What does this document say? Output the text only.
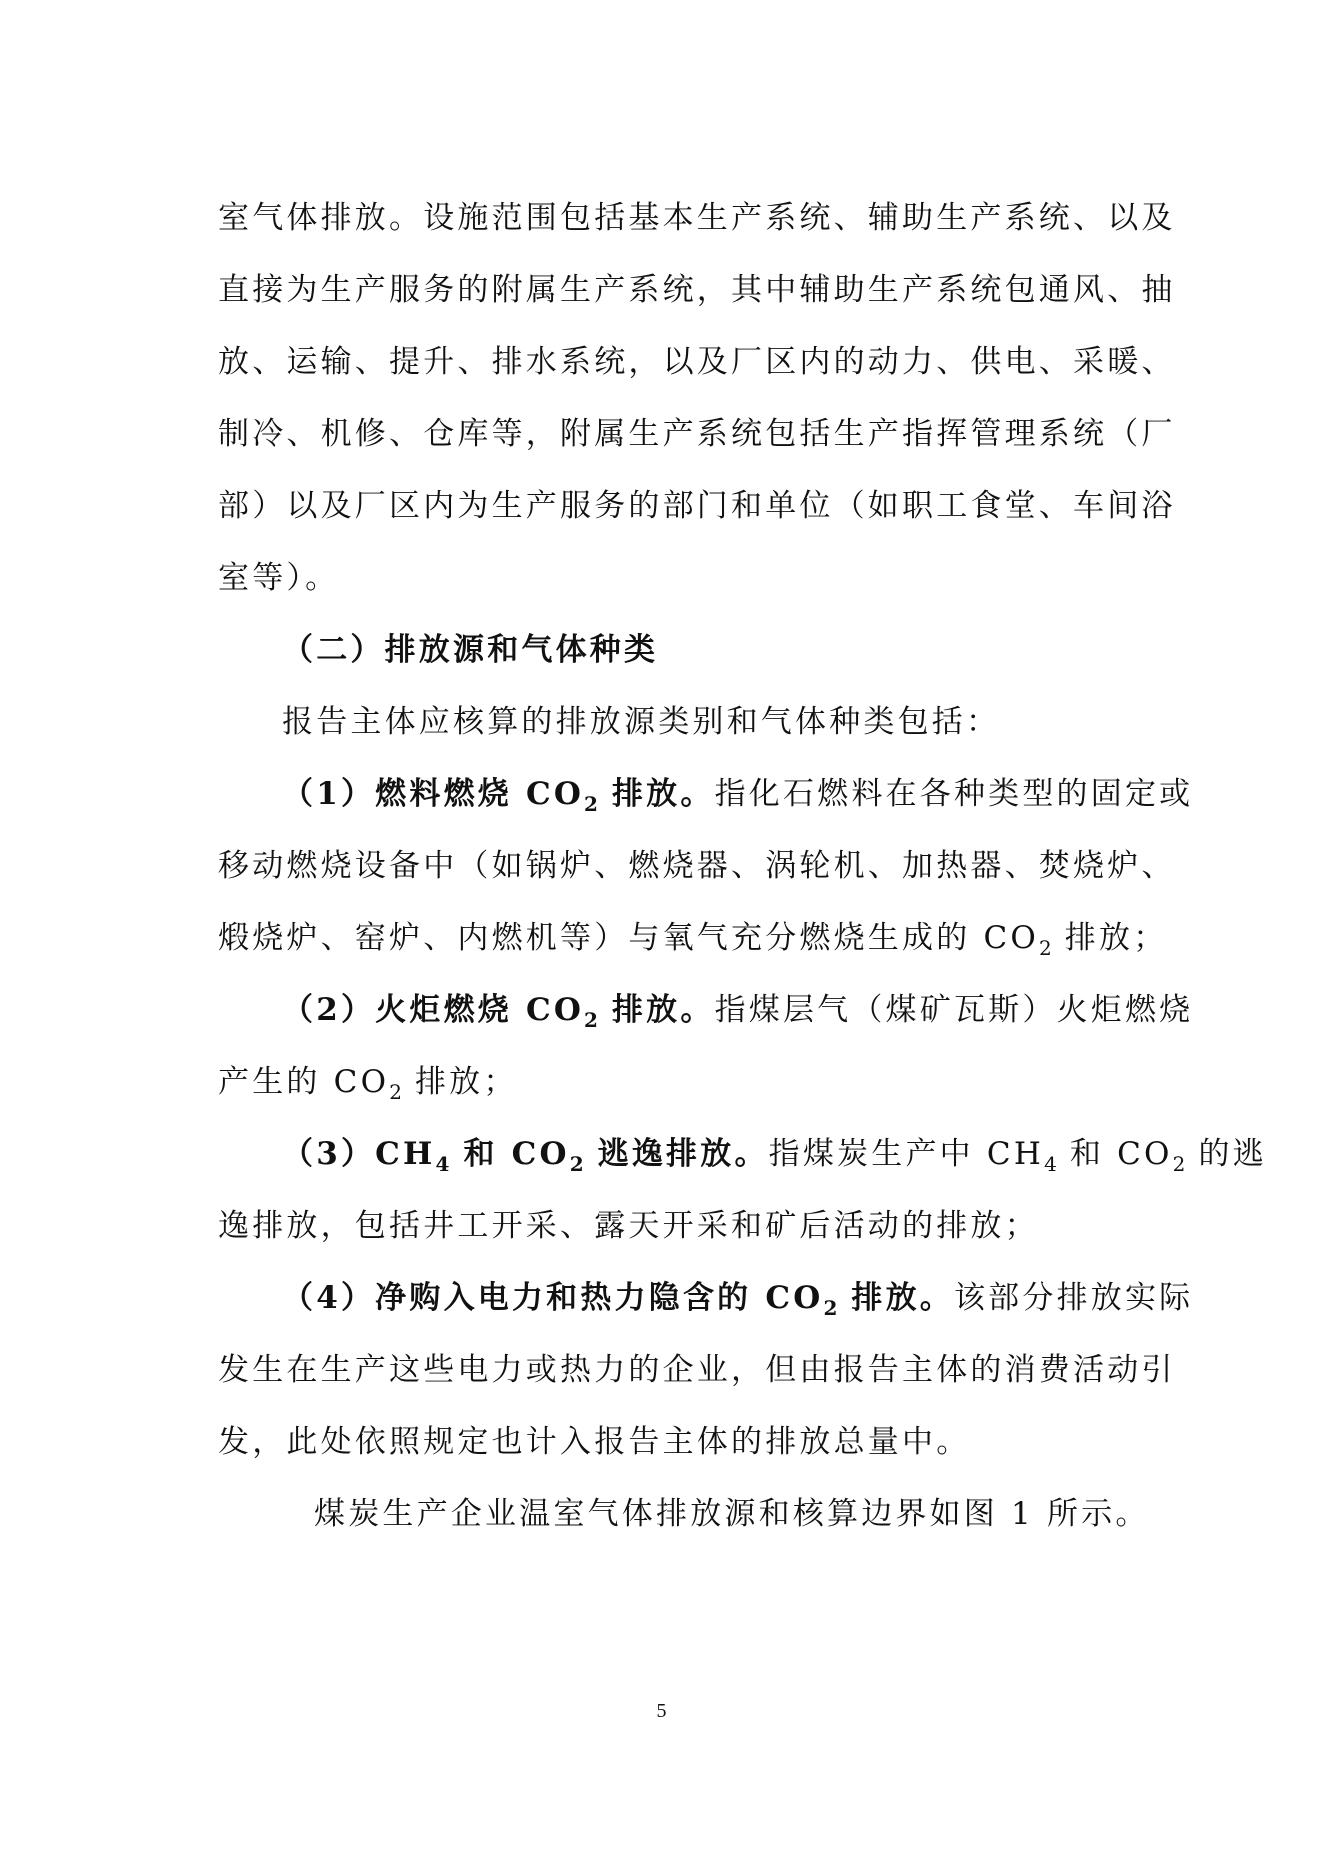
室气体排放。设施范围包括基本生产系统、辅助生产系统、以及
直接为生产服务的附属生产系统，其中辅助生产系统包通风、抽
放、运输、提升、排水系统，以及厂区内的动力、供电、采暖、
制冷、机修、仓库等，附属生产系统包括生产指挥管理系统（厂
部）以及厂区内为生产服务的部门和单位（如职工食堂、车间浴
室等）。
（二）排放源和气体种类
报告主体应核算的排放源类别和气体种类包括：
（1）燃料燃烧 $CO_2$ 排放。指化石燃料在各种类型的固定或
移动燃烧设备中（如锅炉、燃烧器、涡轮机、加热器、焚烧炉、
煅烧炉、窑炉、内燃机等）与氧气充分燃烧生成的 $CO_2$ 排放；
（2）火炬燃烧 $CO_2$ 排放。指煤层气（煤矿瓦斯）火炬燃烧
产生的 $CO_2$ 排放；
$(3)CH_4$ 和 $CO_2$ 逃逸排放。指煤炭生产中 $CH_4$ 和 $CO_2$ 的逃
逸排放，包括井工开采、露天开采和矿后活动的排放；
（4）净购入电力和热力隐含的 $CO_2$ 排放。该部分排放实际
发生在生产这些电力或热力的企业，但由报告主体的消费活动引
发，此处依照规定也计入报告主体的排放总量中。
煤炭生产企业温室气体排放源和核算边界如图 1 所示。
5
